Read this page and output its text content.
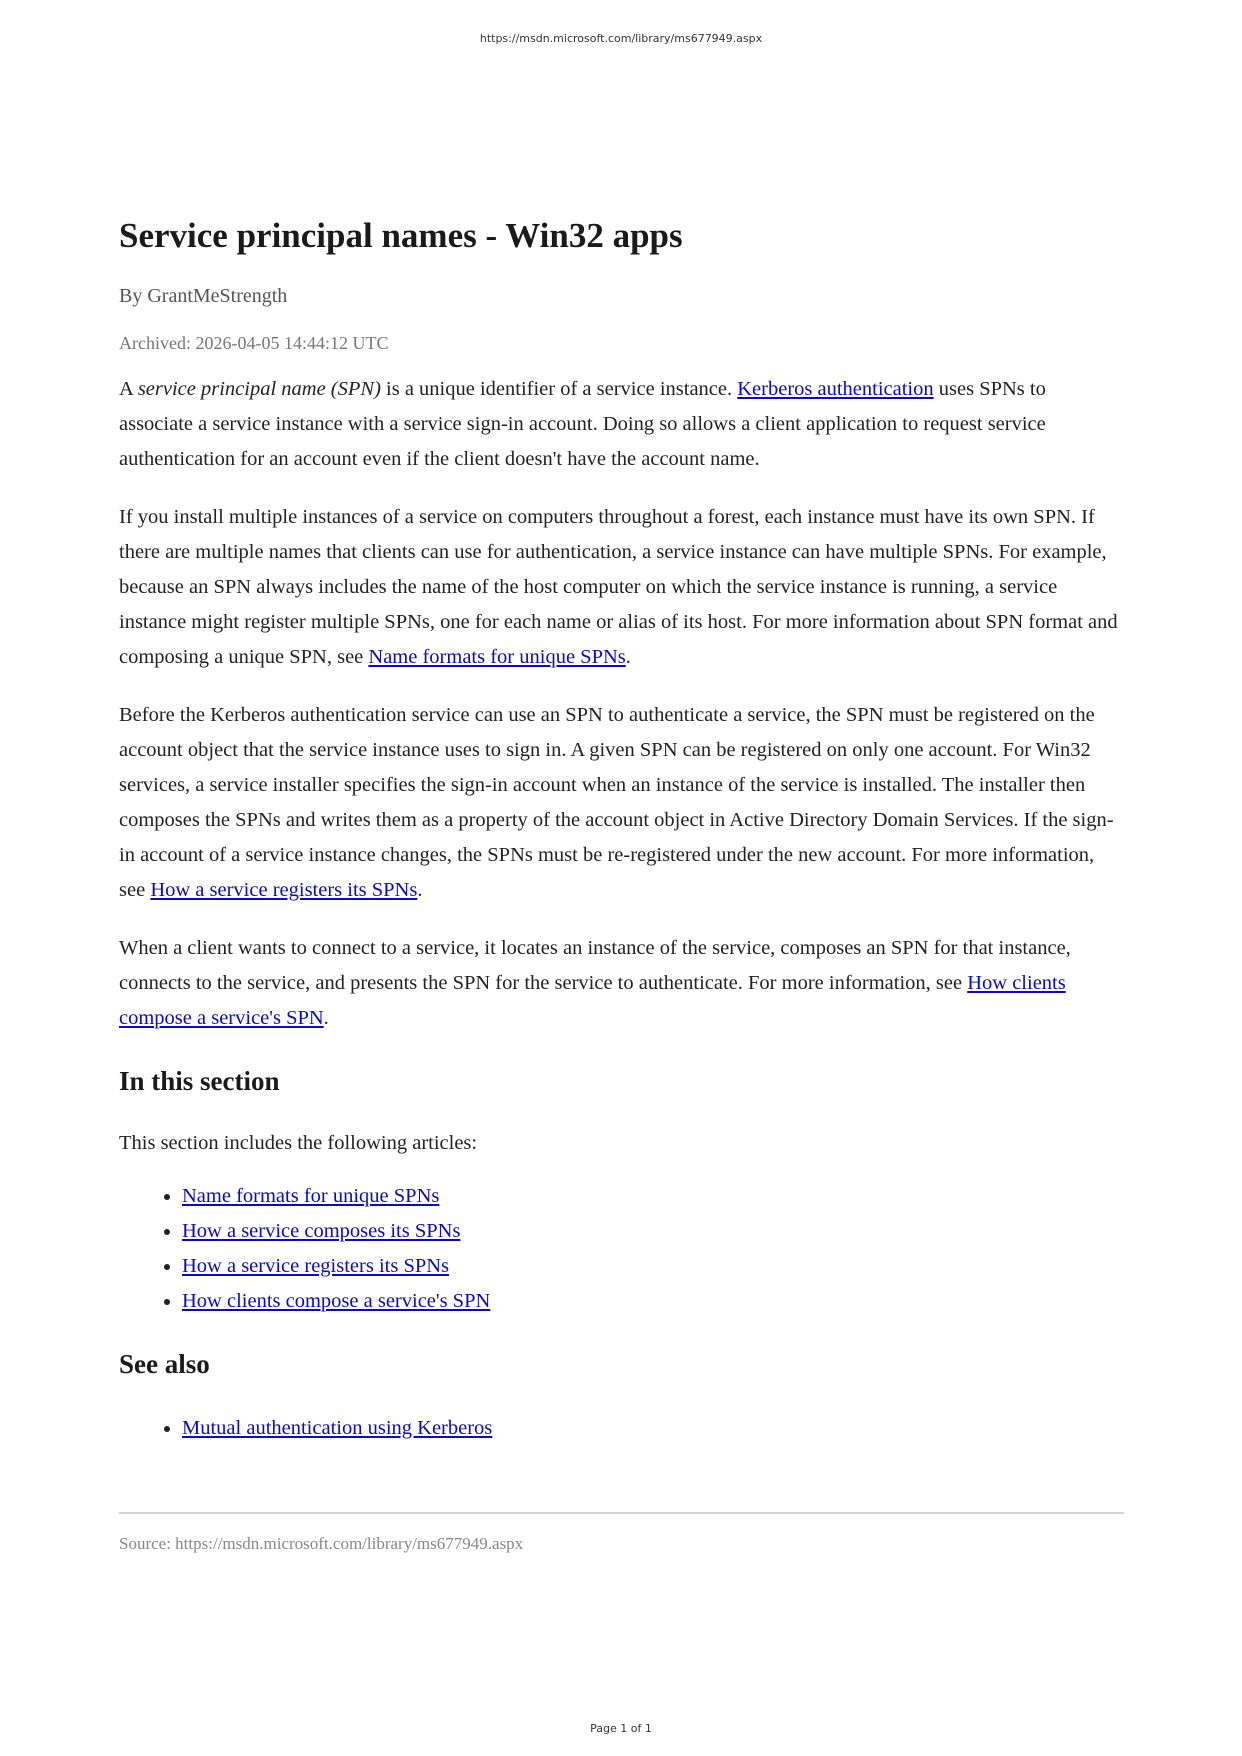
https://msdn.microsoft.com/library/ms677949.aspx
Service principal names - Win32 apps
By GrantMeStrength
Archived: 2026-04-05 14:44:12 UTC

A service principal name (SPN) is a unique identifier of a service instance. Kerberos authentication uses SPNs to associate a service instance with a service sign-in account. Doing so allows a client application to request service authentication for an account even if the client doesn't have the account name.

If you install multiple instances of a service on computers throughout a forest, each instance must have its own SPN. If there are multiple names that clients can use for authentication, a service instance can have multiple SPNs. For example, because an SPN always includes the name of the host computer on which the service instance is running, a service instance might register multiple SPNs, one for each name or alias of its host. For more information about SPN format and composing a unique SPN, see Name formats for unique SPNs.

Before the Kerberos authentication service can use an SPN to authenticate a service, the SPN must be registered on the account object that the service instance uses to sign in. A given SPN can be registered on only one account. For Win32 services, a service installer specifies the sign-in account when an instance of the service is installed. The installer then composes the SPNs and writes them as a property of the account object in Active Directory Domain Services. If the sign-in account of a service instance changes, the SPNs must be re-registered under the new account. For more information, see How a service registers its SPNs.

When a client wants to connect to a service, it locates an instance of the service, composes an SPN for that instance, connects to the service, and presents the SPN for the service to authenticate. For more information, see How clients compose a service's SPN.

In this section

This section includes the following articles:

• Name formats for unique SPNs
• How a service composes its SPNs
• How a service registers its SPNs
• How clients compose a service's SPN
See also
• Mutual authentication using Kerberos
Source: https://msdn.microsoft.com/library/ms677949.aspx
Page 1 of 1
